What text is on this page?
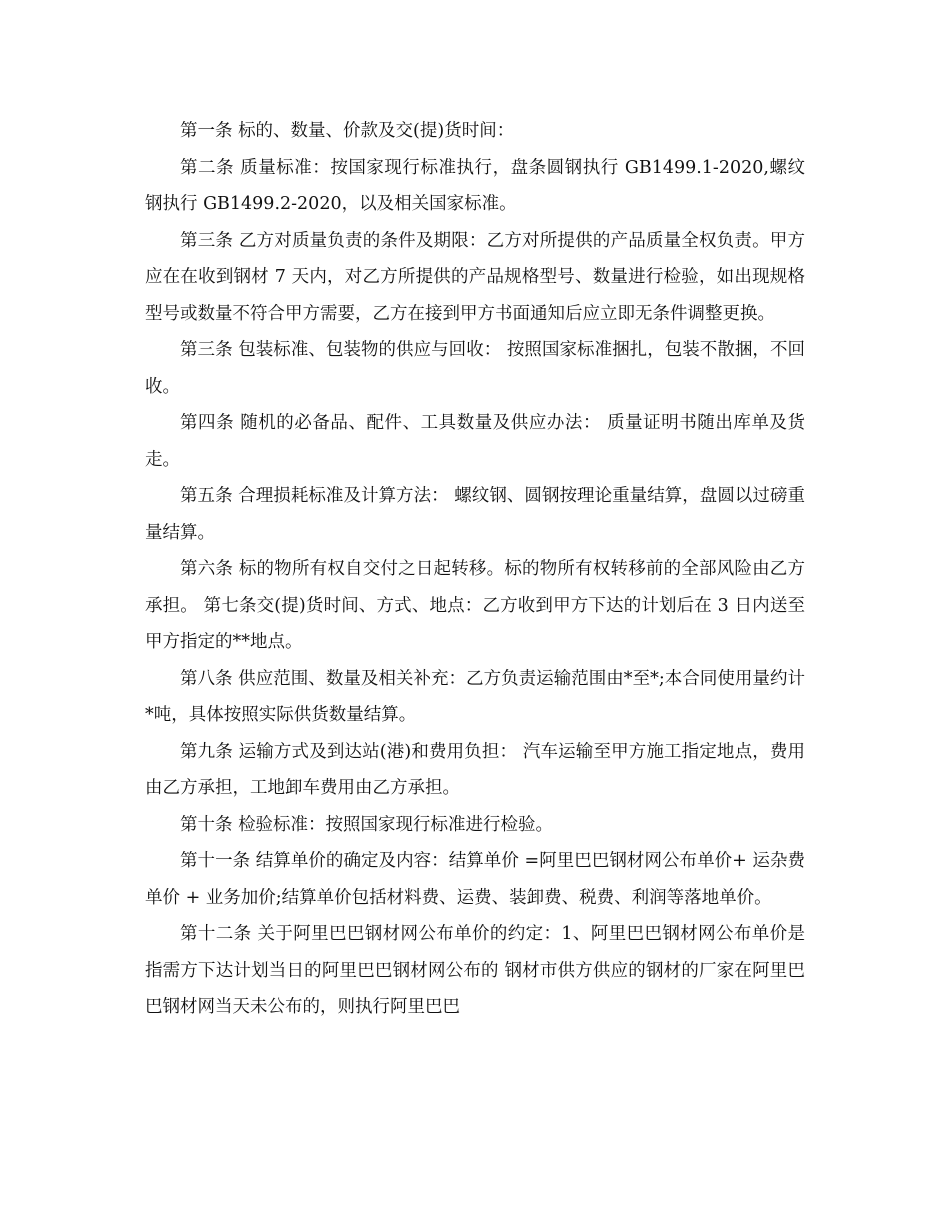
第一条 标的、数量、价款及交(提)货时间：

第二条 质量标准：按国家现行标准执行，盘条圆钢执行 GB1499.1-2020,螺纹钢执行 GB1499.2-2020，以及相关国家标准。

第三条 乙方对质量负责的条件及期限：乙方对所提供的产品质量全权负责。甲方应在在收到钢材 7 天内，对乙方所提供的产品规格型号、数量进行检验，如出现规格型号或数量不符合甲方需要，乙方在接到甲方书面通知后应立即无条件调整更换。

第三条 包装标准、包装物的供应与回收： 按照国家标准捆扎，包装不散捆，不回收。

第四条 随机的必备品、配件、工具数量及供应办法： 质量证明书随出库单及货走。

第五条 合理损耗标准及计算方法： 螺纹钢、圆钢按理论重量结算，盘圆以过磅重量结算。

第六条 标的物所有权自交付之日起转移。标的物所有权转移前的全部风险由乙方承担。 第七条交(提)货时间、方式、地点：乙方收到甲方下达的计划后在 3 日内送至甲方指定的**地点。

第八条 供应范围、数量及相关补充：乙方负责运输范围由*至*;本合同使用量约计*吨，具体按照实际供货数量结算。

第九条 运输方式及到达站(港)和费用负担： 汽车运输至甲方施工指定地点，费用由乙方承担，工地卸车费用由乙方承担。

第十条 检验标准：按照国家现行标准进行检验。

第十一条 结算单价的确定及内容：结算单价 =阿里巴巴钢材网公布单价+ 运杂费单价 + 业务加价;结算单价包括材料费、运费、装卸费、税费、利润等落地单价。

第十二条 关于阿里巴巴钢材网公布单价的约定：1、阿里巴巴钢材网公布单价是指需方下达计划当日的阿里巴巴钢材网公布的 钢材市供方供应的钢材的厂家在阿里巴巴钢材网当天未公布的，则执行阿里巴巴
